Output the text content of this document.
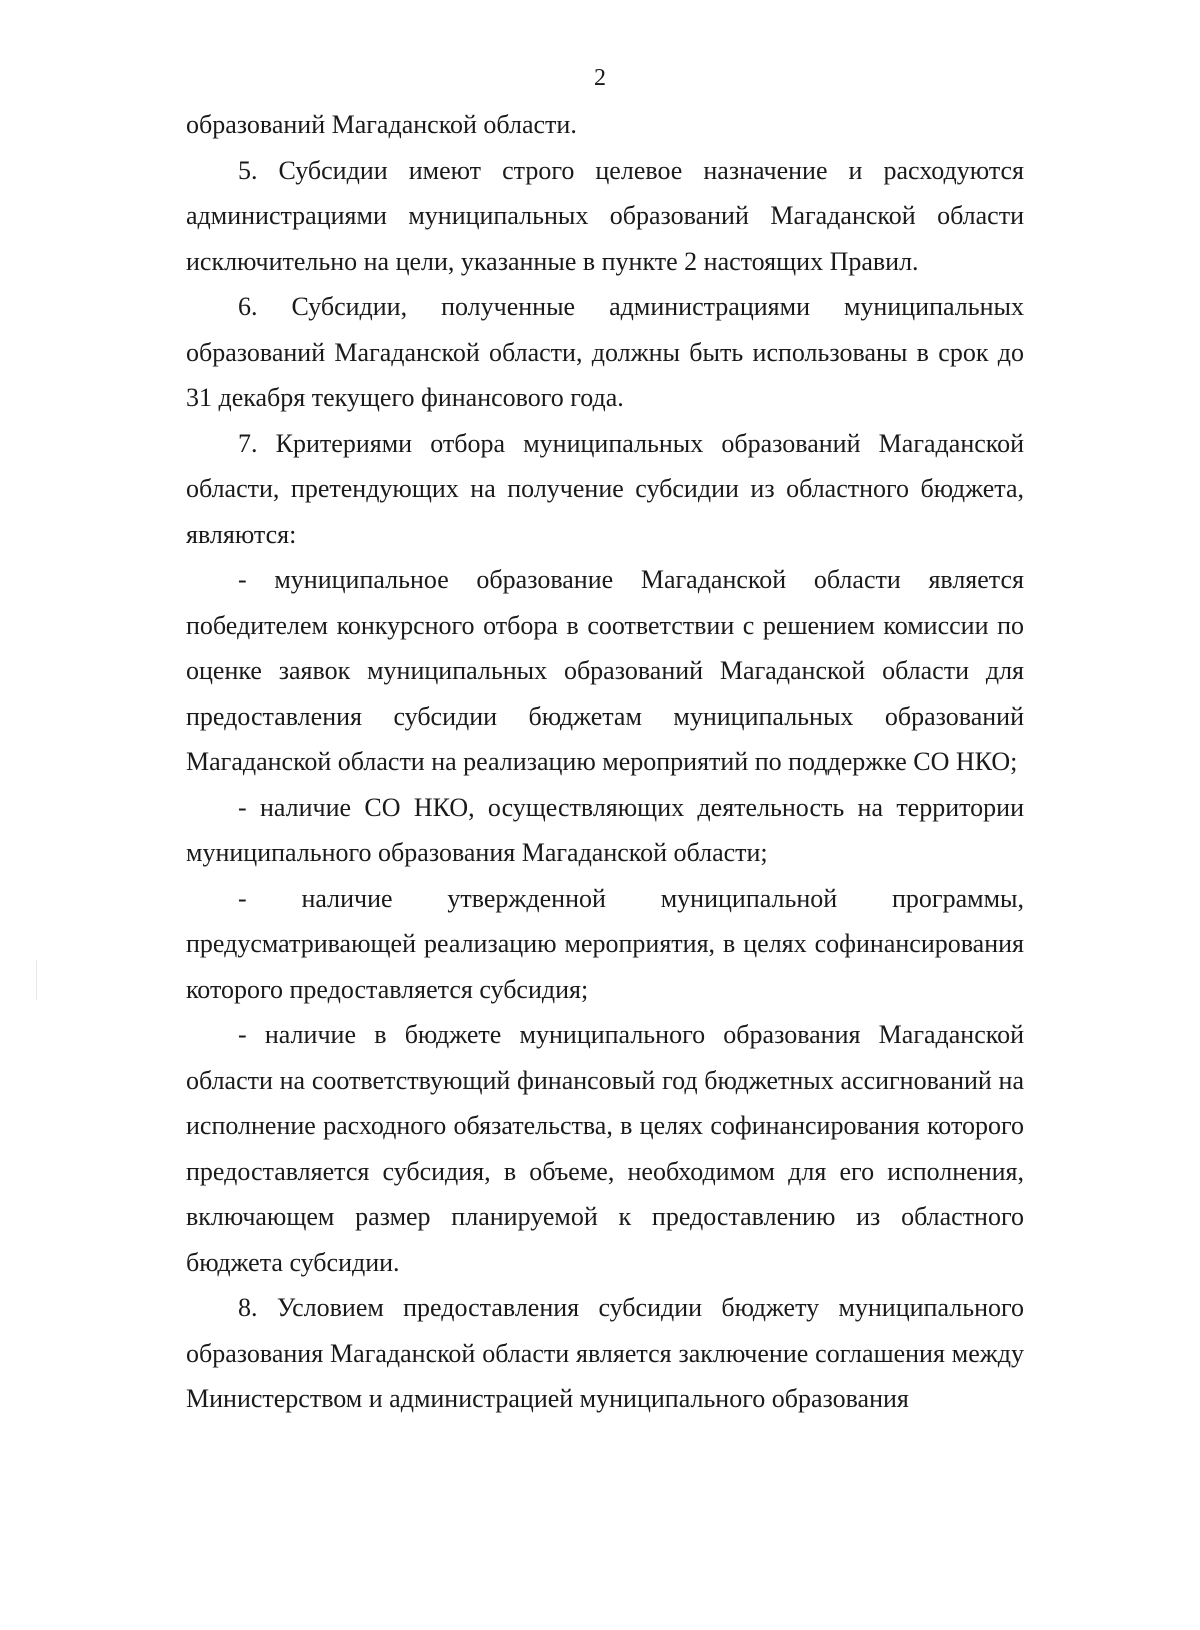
2

образований Магаданской области.

5. Субсидии имеют строго целевое назначение и расходуются администрациями муниципальных образований Магаданской области исключительно на цели, указанные в пункте 2 настоящих Правил.

6. Субсидии, полученные администрациями муниципальных образований Магаданской области, должны быть использованы в срок до 31 декабря текущего финансового года.

7. Критериями отбора муниципальных образований Магаданской области, претендующих на получение субсидии из областного бюджета, являются:

- муниципальное образование Магаданской области является победителем конкурсного отбора в соответствии с решением комиссии по оценке заявок муниципальных образований Магаданской области для предоставления субсидии бюджетам муниципальных образований Магаданской области на реализацию мероприятий по поддержке СО НКО;

- наличие СО НКО, осуществляющих деятельность на территории муниципального образования Магаданской области;

- наличие утвержденной муниципальной программы, предусматривающей реализацию мероприятия, в целях софинансирования которого предоставляется субсидия;

- наличие в бюджете муниципального образования Магаданской области на соответствующий финансовый год бюджетных ассигнований на исполнение расходного обязательства, в целях софинансирования которого предоставляется субсидия, в объеме, необходимом для его исполнения, включающем размер планируемой к предоставлению из областного бюджета субсидии.

8. Условием предоставления субсидии бюджету муниципального образования Магаданской области является заключение соглашения между Министерством и администрацией муниципального образования
